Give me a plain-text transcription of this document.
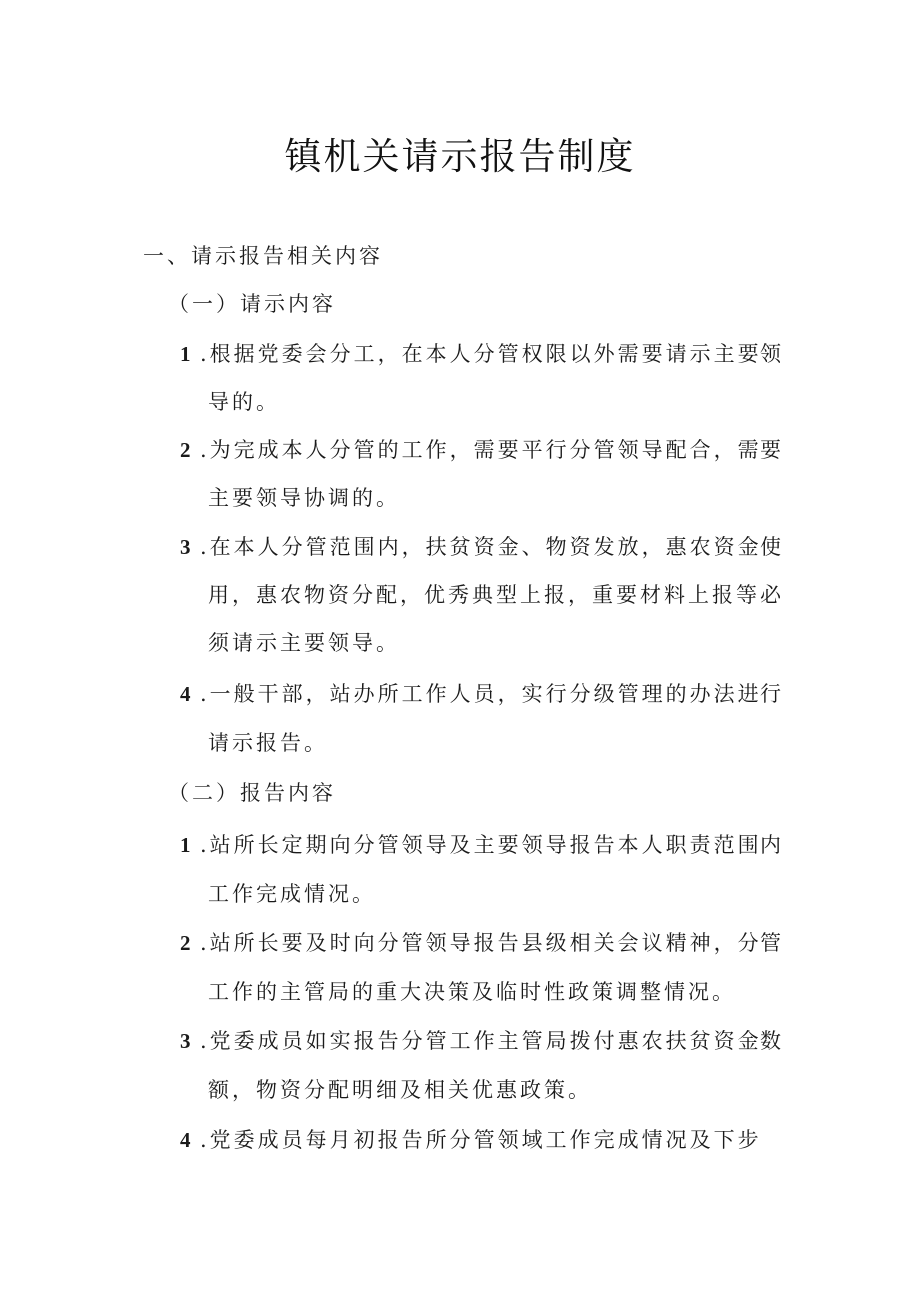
镇机关请示报告制度
一、请示报告相关内容
（一）请示内容
1 .根据党委会分工，在本人分管权限以外需要请示主要
领
导的。
2 .为完成本人分管的工作，需要平行分管领导配合，需
要
主要领导协调的。
3 .在本人分管范围内，扶贫资金、物资发放，惠农资金
使
用，惠农物资分配，优秀典型上报，重要材料上报 等必
须请示主要领导。
4 .一般干部，站办所工作人员，实行分级管理的办法进
行
请示报告。
（二）报告内容
1 .站所长定期向分管领导及主要领导报告本人职责范围
内
工作完成情况。
2 .站所长要及时向分管领导报告县级相关会议精神，分
管
工作的主管局的重大决策及临时性政策调整情况。
3 .党委成员如实报告分管工作主管局拨付惠农扶贫资金
数
额，物资分配明细及相关优惠政策。
4 .党委成员每月初报告所分管领域工作完成情况及下步
